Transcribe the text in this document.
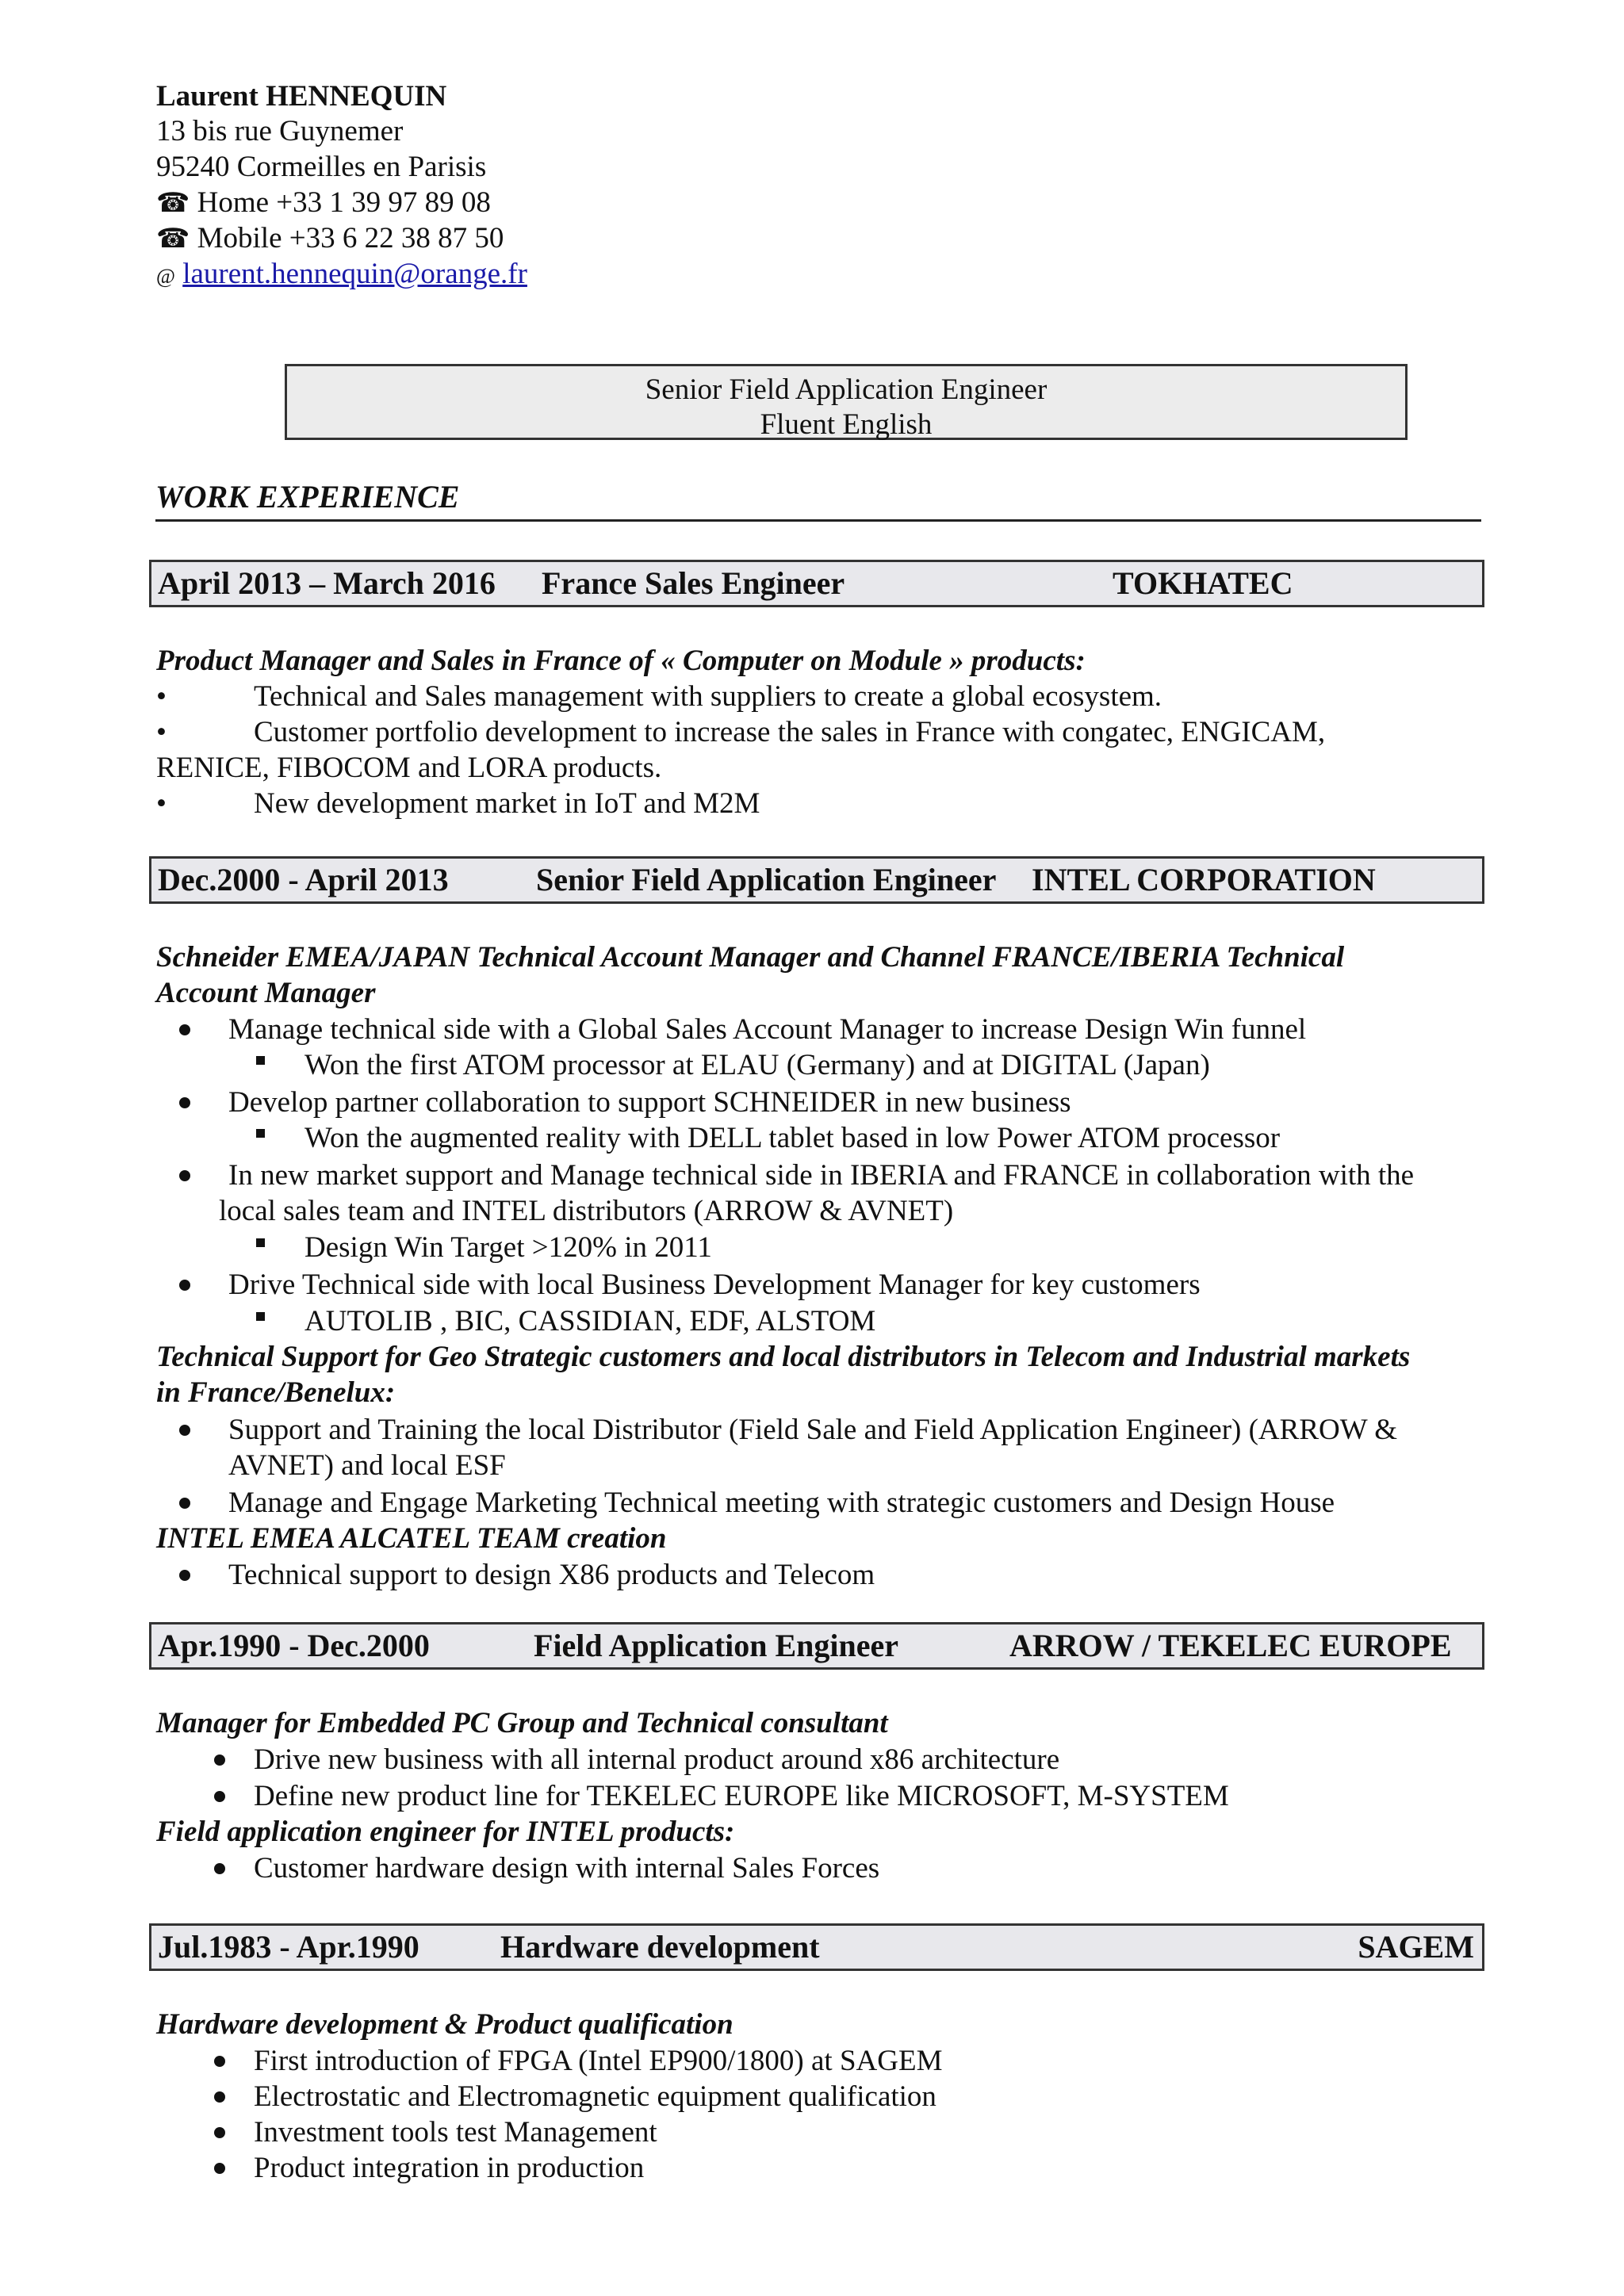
Laurent HENNEQUIN
13 bis rue Guynemer
95240 Cormeilles en Parisis
☎ Home +33 1 39 97 89 08
☎ Mobile +33 6 22 38 87 50
@ laurent.hennequin@orange.fr
Senior Field Application Engineer
Fluent English
WORK EXPERIENCE
April 2013 – March 2016 France Sales Engineer	TOKHATEC
Product Manager and Sales in France of « Computer on Module » products:
•	Technical and Sales management with suppliers to create a global ecosystem.
•	Customer portfolio development to increase the sales in France with congatec, ENGICAM,
RENICE, FIBOCOM and LORA products.
•	New development market in IoT and M2M
Dec.2000 - April 2013	Senior Field Application Engineer INTEL CORPORATION
Schneider EMEA/JAPAN Technical Account Manager and Channel FRANCE/IBERIA Technical
Account Manager
Manage technical side with a Global Sales Account Manager to increase Design Win funnel
Won the first ATOM processor at ELAU (Germany) and at DIGITAL (Japan)
Develop partner collaboration to support SCHNEIDER in new business
Won the augmented reality with DELL tablet based in low Power ATOM processor
In new market support and Manage technical side in IBERIA and FRANCE in collaboration with the
local sales team and INTEL distributors (ARROW & AVNET)
Design Win Target >120% in 2011
Drive Technical side with local Business Development Manager for key customers
AUTOLIB , BIC, CASSIDIAN, EDF, ALSTOM
Technical Support for Geo Strategic customers and local distributors in Telecom and Industrial markets
in France/Benelux:
Support and Training the local Distributor (Field Sale and Field Application Engineer) (ARROW &
AVNET) and local ESF
Manage and Engage Marketing Technical meeting with strategic customers and Design House
INTEL EMEA ALCATEL TEAM creation
Technical support to design X86 products and Telecom
Apr.1990 - Dec.2000	Field Application Engineer	ARROW / TEKELEC EUROPE
Manager for Embedded PC Group and Technical consultant
Drive new business with all internal product around x86 architecture
Define new product line for TEKELEC EUROPE like MICROSOFT, M-SYSTEM
Field application engineer for INTEL products:
Customer hardware design with internal Sales Forces
Jul.1983 - Apr.1990	Hardware development	SAGEM
Hardware development & Product qualification
First introduction of FPGA (Intel EP900/1800) at SAGEM
Electrostatic and Electromagnetic equipment qualification
Investment tools test Management
Product integration in production
